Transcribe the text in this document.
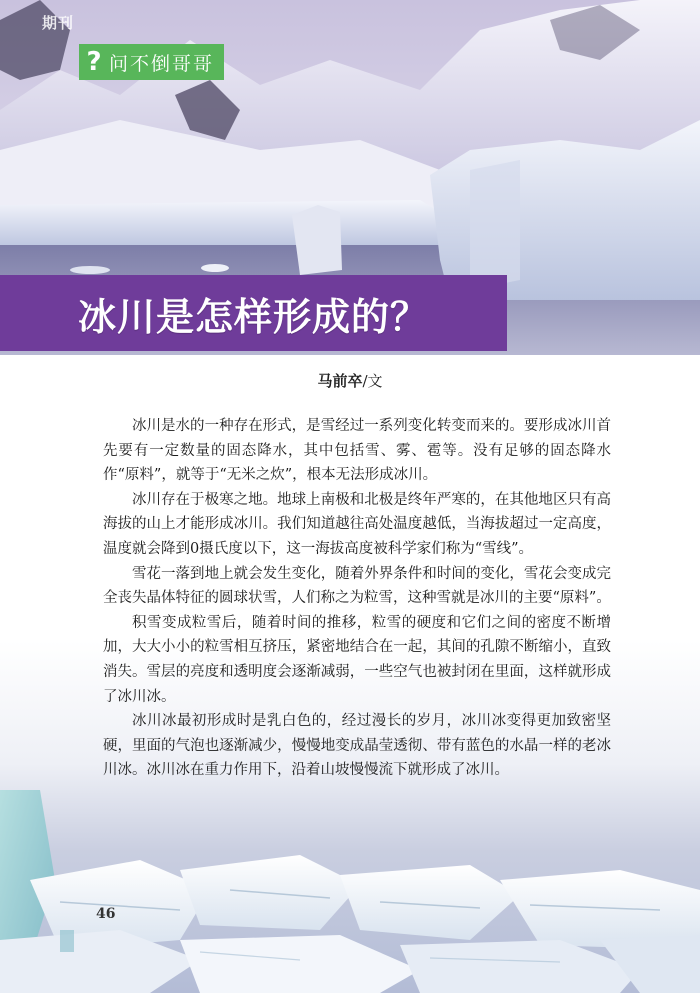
期刊
? 问不倒哥哥
冰川是怎样形成的？
马前卒/文

冰川是水的一种存在形式，是雪经过一系列变化转变而来的。要形成冰川首先要有一定数量的固态降水，其中包括雪、雾、雹等。没有足够的固态降水作“原料”，就等于“无米之炊”，根本无法形成冰川。

冰川存在于极寒之地。地球上南极和北极是终年严寒的，在其他地区只有高海拔的山上才能形成冰川。我们知道越往高处温度越低，当海拔超过一定高度，温度就会降到0摄氏度以下，这一海拔高度被科学家们称为“雪线”。

雪花一落到地上就会发生变化，随着外界条件和时间的变化，雪花会变成完全丧失晶体特征的圆球状雪，人们称之为粒雪，这种雪就是冰川的主要“原料”。

积雪变成粒雪后，随着时间的推移，粒雪的硬度和它们之间的密度不断增加，大大小小的粒雪相互挤压，紧密地结合在一起，其间的孔隙不断缩小，直致消失。雪层的亮度和透明度会逐渐减弱，一些空气也被封闭在里面，这样就形成了冰川冰。

冰川冰最初形成时是乳白色的，经过漫长的岁月，冰川冰变得更加致密坚硬，里面的气泡也逐渐减少，慢慢地变成晶莹透彻、带有蓝色的水晶一样的老冰川冰。冰川冰在重力作用下，沿着山坡慢慢流下就形成了冰川。

46
